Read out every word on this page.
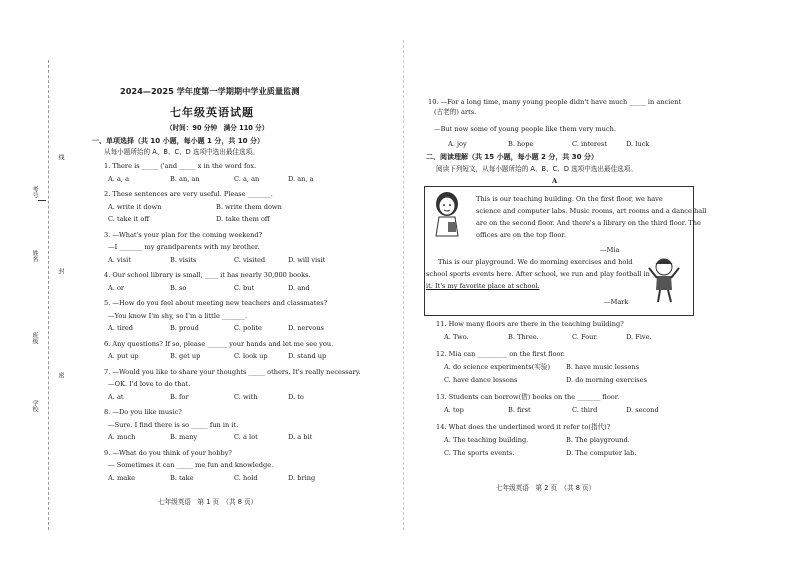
班级
考号
姓名
学校
线
封
密
2024—2025 学年度第一学期期中学业质量监测
七年级英语试题
（时间：90 分钟　满分 110 分）
一、单项选择（共 10 小题，每小题 1 分，共 10 分）
从每小题所给的 A、B、C、D 选项中选出最佳选项。
1. There is _____ ('and _____ x in the word fox.
A. a, a	B. an, an	C. a, an	D. an, a
2. These sentences are very useful. Please _______.
A. write it down	B. write them down
C. take it off	D. take them off
3. —What's your plan for the coming weekend?
—I _______ my grandparents with my brother.
A. visit	B. visits	C. visited	D. will visit
4. Our school library is small, ____ it has nearly 30,000 books.
A. or	B. so	C. but	D. and
5. —How do you feel about meeting new teachers and classmates?
—You know I'm shy, so I'm a little _______.
A. tired	B. proud	C. polite	D. nervous
6. Any questions? If so, please ______ your hands and let me see you.
A. put up	B. get up	C. look up	D. stand up
7. —Would you like to share your thoughts _____ others. It's really necessary.
—OK. I'd love to do that.
A. at	B. for	C. with	D. to
8. —Do you like music?
—Sure. I find there is so _____ fun in it.
A. much	B. many	C. a lot	D. a bit
9. —What do you think of your hobby?
— Sometimes it can _____ me fun and knowledge.
A. make	B. take	C. hold	D. bring
七年级英语　第 1 页　（共 8 页）
10. —For a long time, many young people didn't have much _____ in ancient
(古老的) arts.
—But now some of young people like them very much.
A. joy	B. hope	C. interest	D. luck
二、阅读理解（共 15 小题，每小题 2 分，共 30 分）
阅读下列短文，从每小题所给的 A、B、C、D 选项中选出最佳选项。
A
This is our teaching building. On the first floor, we have
science and computer labs. Music rooms, art rooms and a dance hall
are on the second floor. And there's a library on the third floor. The
offices are on the top floor.
—Mia
This is our playground. We do morning exercises and hold
school sports events here. After school, we run and play football in
it. It's my favorite place at school.
—Mark
11. How many floors are there in the teaching building?
A. Two.	B. Three.	C. Four.	D. Five.
12. Mia can _________ on the first floor.
A. do science experiments(实验) B. have music lessons
C. have dance lessons	D. do morning exercises
13. Students can borrow(借) books on the _______ floor.
A. top	B. first	C. third	D. second
14. What does the underlined word it refer to(指代)?
A. The teaching building.	B. The playground.
C. The sports events.	D. The computer lab.
七年级英语　第 2 页　（共 8 页）
